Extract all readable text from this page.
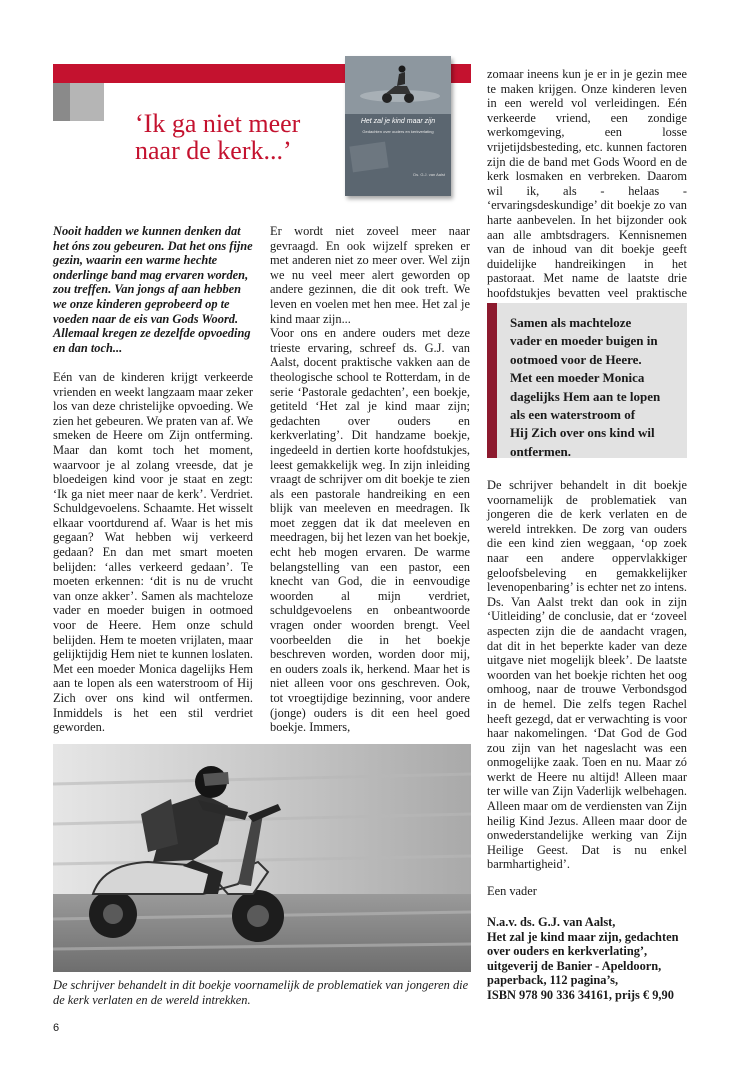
‘Ik ga niet meer
naar de kerk...’
Het zal je kind maar zijn
Gedachten over ouders en kerkverlating
Ds. G.J. van Aalst

Nooit hadden we kunnen denken dat het óns zou gebeuren. Dat het ons fijne gezin, waarin een warme hechte onderlinge band mag ervaren worden, zou treffen. Van jongs af aan hebben we onze kinderen geprobeerd op te voeden naar de eis van Gods Woord. Allemaal kregen ze dezelfde opvoeding en dan toch...

Eén van de kinderen krijgt verkeerde vrienden en weekt langzaam maar zeker los van deze christelijke opvoeding. We zien het gebeuren. We praten van af. We smeken de Heere om Zijn ontferming. Maar dan komt toch het moment, waarvoor je al zolang vreesde, dat je bloedeigen kind voor je staat en zegt: ‘Ik ga niet meer naar de kerk’. Verdriet. Schuldgevoelens. Schaamte. Het wisselt elkaar voortdurend af. Waar is het mis gegaan? Wat hebben wij verkeerd gedaan? En dan met smart moeten belijden: ‘alles verkeerd gedaan’. Te moeten erkennen: ‘dit is nu de vrucht van onze akker’. Samen als machteloze vader en moeder buigen in ootmoed voor de Heere. Hem onze schuld belijden. Hem te moeten vrijlaten, maar gelijktijdig Hem niet te kunnen loslaten. Met een moeder Monica dagelijks Hem aan te lopen als een waterstroom of Hij Zich over ons kind wil ontfermen. Inmiddels is het een stil verdriet geworden.

Er wordt niet zoveel meer naar gevraagd. En ook wijzelf spreken er met anderen niet zo meer over. Wel zijn we nu veel meer alert geworden op andere gezinnen, die dit ook treft. We leven en voelen met hen mee. Het zal je kind maar zijn...

Voor ons en andere ouders met deze trieste ervaring, schreef ds. G.J. van Aalst, docent praktische vakken aan de theologische school te Rotterdam, in de serie ‘Pastorale gedachten’, een boekje, getiteld ‘Het zal je kind maar zijn; gedachten over ouders en kerkverlating’. Dit handzame boekje, ingedeeld in dertien korte hoofdstukjes, leest gemakkelijk weg. In zijn inleiding vraagt de schrijver om dit boekje te zien als een pastorale handreiking en een blijk van meeleven en meedragen. Ik moet zeggen dat ik dat meeleven en meedragen, bij het lezen van het boekje, echt heb mogen ervaren. De warme belangstelling van een pastor, een knecht van God, die in eenvoudige woorden al mijn verdriet, schuldgevoelens en onbeantwoorde vragen onder woorden brengt. Veel voorbeelden die in het boekje beschreven worden, worden door mij, en ouders zoals ik, herkend. Maar het is niet alleen voor ons geschreven. Ook, tot vroegtijdige bezinning, voor andere (jonge) ouders is dit een heel goed boekje. Immers,

zomaar ineens kun je er in je gezin mee te maken krijgen. Onze kinderen leven in een wereld vol verleidingen. Eén verkeerde vriend, een zondige werkomgeving, een losse vrijetijdsbesteding, etc. kunnen factoren zijn die de band met Gods Woord en de kerk losmaken en verbreken. Daarom wil ik, als - helaas - ‘ervaringsdeskundige’ dit boekje zo van harte aanbevelen. In het bijzonder ook aan alle ambtsdragers. Kennisnemen van de inhoud van dit boekje geeft duidelijke handreikingen in het pastoraat. Met name de laatste drie hoofdstukjes bevatten veel praktische

Samen als machteloze
vader en moeder buigen in
ootmoed voor de Heere.
Met een moeder Monica
dagelijks Hem aan te lopen
als een waterstroom of
Hij Zich over ons kind wil
ontfermen.

De schrijver behandelt in dit boekje voornamelijk de problematiek van jongeren die de kerk verlaten en de wereld intrekken. De zorg van ouders die een kind zien weggaan, ‘op zoek naar een andere oppervlakkiger geloofsbeleving en gemakkelijker levenopenbaring’ is echter net zo intens. Ds. Van Aalst trekt dan ook in zijn ‘Uitleiding’ de conclusie, dat er ‘zoveel aspecten zijn die de aandacht vragen, dat dit in het beperkte kader van deze uitgave niet mogelijk bleek’. De laatste woorden van het boekje richten het oog omhoog, naar de trouwe Verbondsgod in de hemel. Die zelfs tegen Rachel heeft gezegd, dat er verwachting is voor haar nakomelingen. ‘Dat God de God zou zijn van het nageslacht was een onmogelijke zaak. Toen en nu. Maar zó werkt de Heere nu altijd! Alleen maar ter wille van Zijn Vaderlijk welbehagen. Alleen maar om de verdiensten van Zijn heilig Kind Jezus. Alleen maar door de onwederstandelijke werking van Zijn Heilige Geest. Dat is nu enkel barmhartigheid’.

Een vader
N.a.v. ds. G.J. van Aalst,
Het zal je kind maar zijn, gedachten
over ouders en kerkverlating’,
uitgeverij de Banier - Apeldoorn,
paperback, 112 pagina’s,
ISBN 978 90 336 34161, prijs € 9,90
De schrijver behandelt in dit boekje voornamelijk de problematiek van jongeren die de kerk verlaten en de wereld intrekken.
6
